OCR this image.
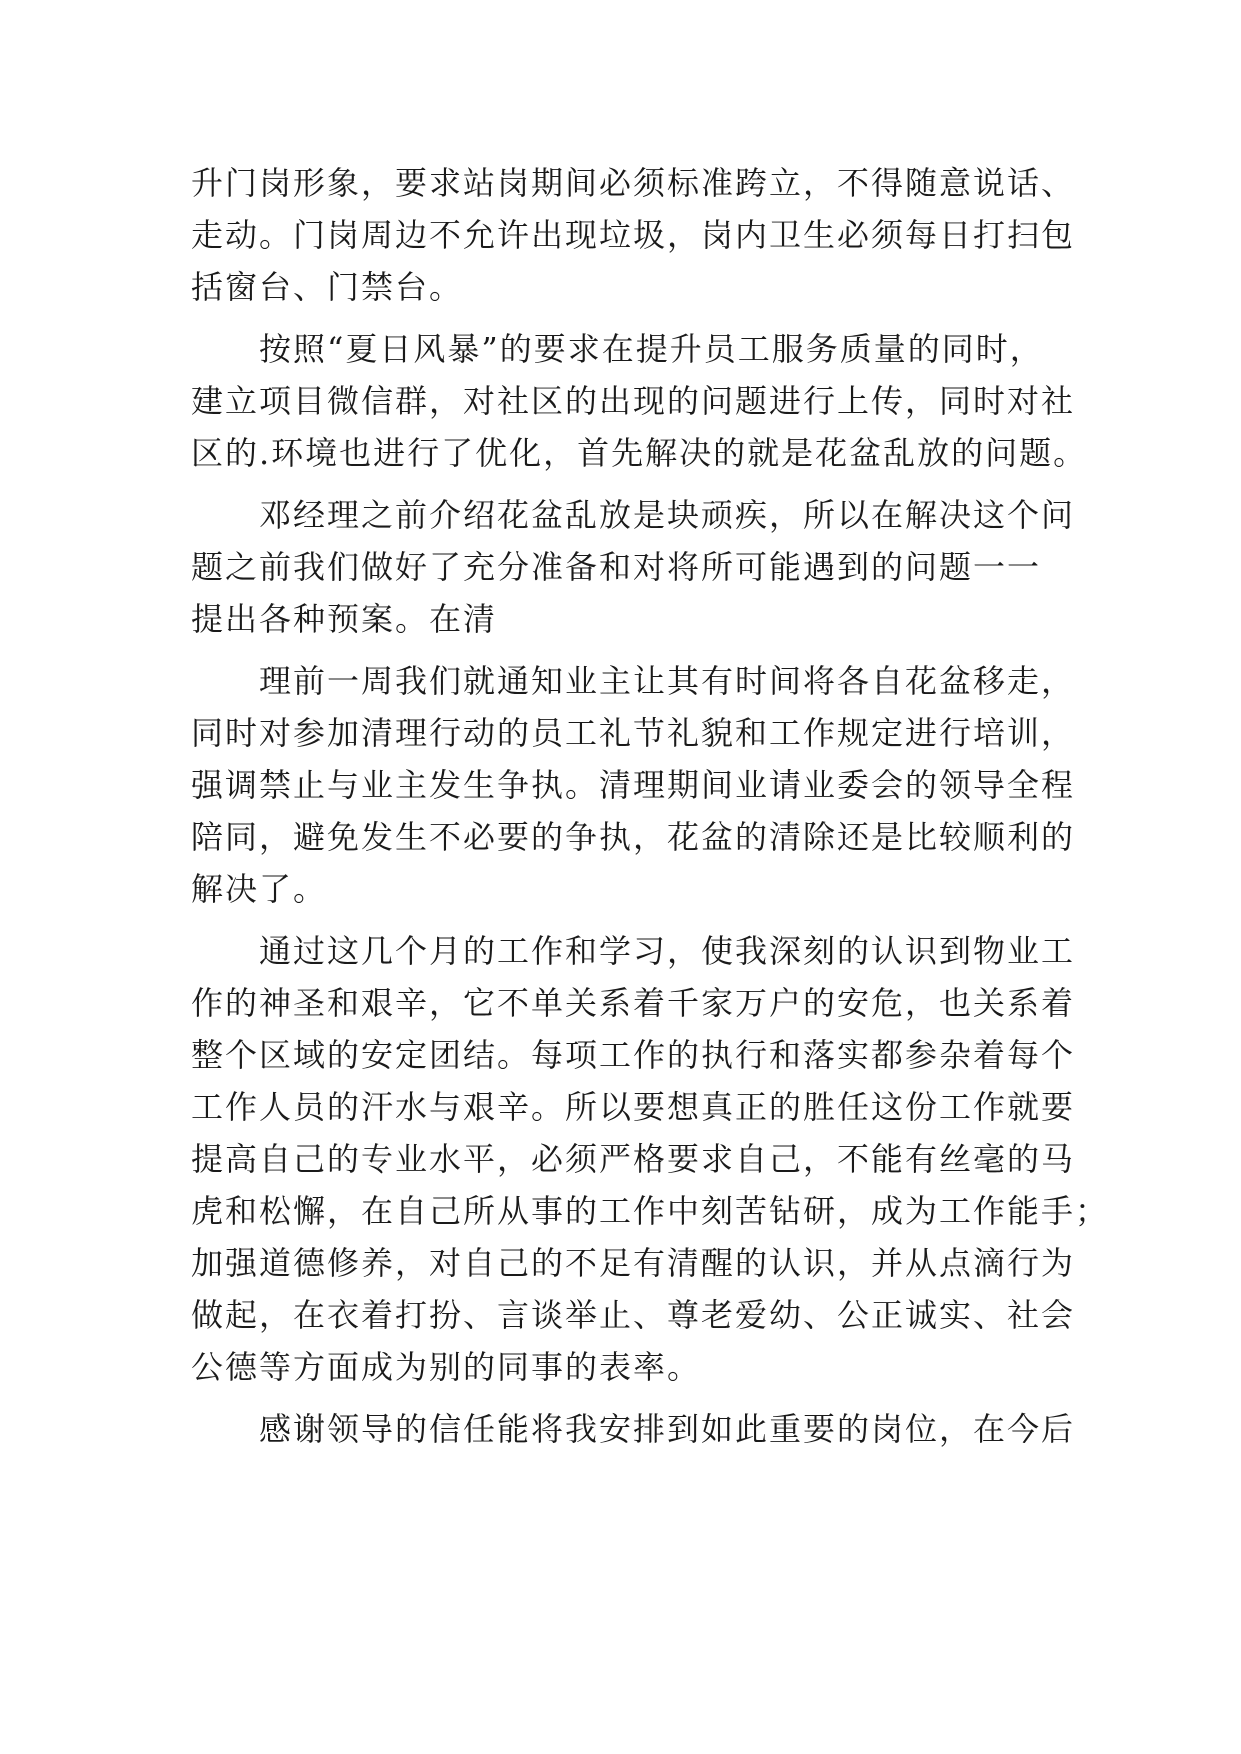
升门岗形象，要求站岗期间必须标准跨立，不得随意说话、
走动。门岗周边不允许出现垃圾，岗内卫生必须每日打扫包
括窗台、门禁台。
按照“夏日风暴”的要求在提升员工服务质量的同时，
建立项目微信群，对社区的出现的问题进行上传，同时对社
区的.环境也进行了优化，首先解决的就是花盆乱放的问题。
邓经理之前介绍花盆乱放是块顽疾，所以在解决这个问
题之前我们做好了充分准备和对将所可能遇到的问题一一
提出各种预案。在清
理前一周我们就通知业主让其有时间将各自花盆移走，
同时对参加清理行动的员工礼节礼貌和工作规定进行培训，
强调禁止与业主发生争执。清理期间业请业委会的领导全程
陪同，避免发生不必要的争执，花盆的清除还是比较顺利的
解决了。
通过这几个月的工作和学习，使我深刻的认识到物业工
作的神圣和艰辛，它不单关系着千家万户的安危，也关系着
整个区域的安定团结。每项工作的执行和落实都参杂着每个
工作人员的汗水与艰辛。所以要想真正的胜任这份工作就要
提高自己的专业水平，必须严格要求自己，不能有丝毫的马
虎和松懈，在自己所从事的工作中刻苦钻研，成为工作能手；
加强道德修养，对自己的不足有清醒的认识，并从点滴行为
做起，在衣着打扮、言谈举止、尊老爱幼、公正诚实、社会
公德等方面成为别的同事的表率。
感谢领导的信任能将我安排到如此重要的岗位，在今后
